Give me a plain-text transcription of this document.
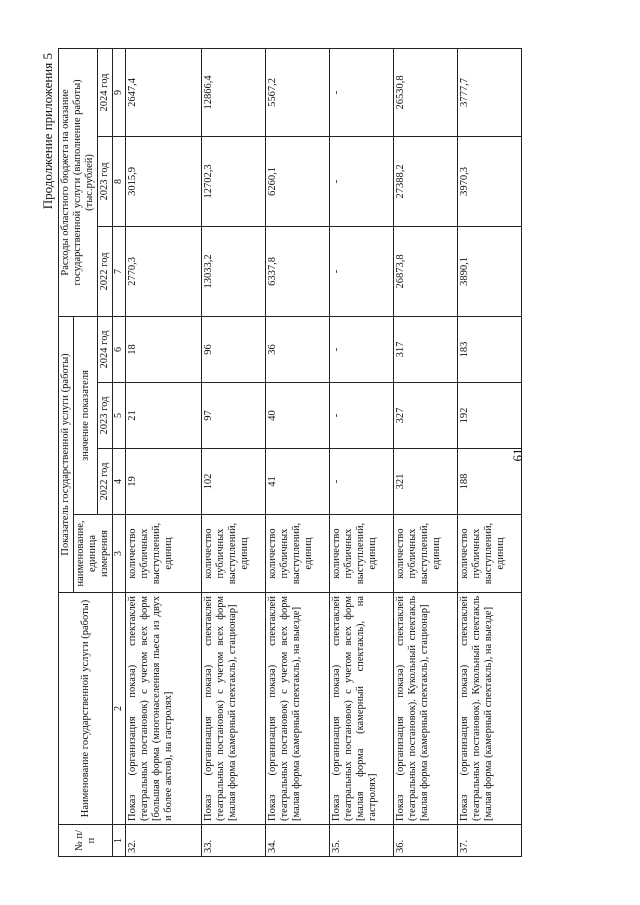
Продолжение приложения 5
№ п/п	Наименование государственной услуги (работы)	Показатель государственной услуги (работы)				Расходы областного бюджета на оказание государственной услуги (выполнение работы) (тыс.рублей)		
		наименование, единица измерения	значение показателя					
			2022 год	2023 год	2024 год	2022 год	2023 год	2024 год
1	2	3	4	5	6	7	8	9
32.	Показ (организация показа) спектаклей (театральных постановок) с учетом всех форм [большая форма (многонаселенная пьеса из двух и более актов), на гастролях]	количество публичных выступлений, единиц	19	21	18	2770,3	3015,9	2647,4
33.	Показ (организация показа) спектаклей (театральных постановок) с учетом всех форм [малая форма (камерный спектакль), стационар]	количество публичных выступлений, единиц	102	97	96	13033,2	12702,3	12866,4
34.	Показ (организация показа) спектаклей (театральных постановок) с учетом всех форм [малая форма (камерный спектакль), на выезде]	количество публичных выступлений, единиц	41	40	36	6337,8	6260,1	5567,2
35.	Показ (организация показа) спектаклей (театральных постановок) с учетом всех форм [малая форма (камерный спектакль), на гастролях]	количество публичных выступлений, единиц	-	-	-	-	-	-
36.	Показ (организация показа) спектаклей (театральных постановок). Кукольный спектакль [малая форма (камерный спектакль), стационар]	количество публичных выступлений, единиц	321	327	317	26873,8	27388,2	26530,8
37.	Показ (организация показа) спектаклей (театральных постановок). Кукольный спектакль [малая форма (камерный спектакль), на выезде]	количество публичных выступлений, единиц	188	192	183	3890,1	3970,3	3777,7
61
